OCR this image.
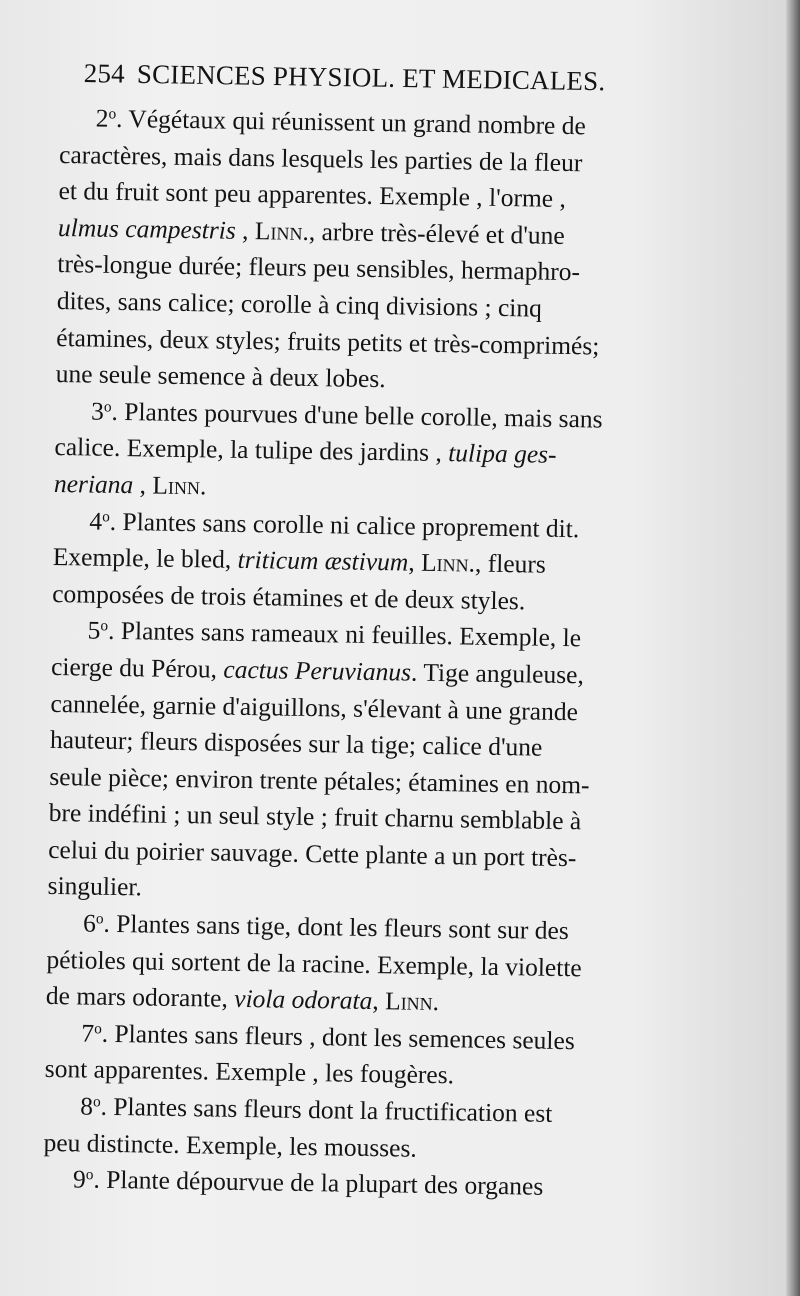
254 SCIENCES PHYSIOL. ET MEDICALES.
2$^o$. Végétaux qui réunissent un grand nombre de
caractères, mais dans lesquels les parties de la fleur
et du fruit sont peu apparentes. Exemple , l'orme ,
ulmus campestris , Linn., arbre très-élevé et d'une
très-longue durée; fleurs peu sensibles, hermaphro-
dites, sans calice; corolle à cinq divisions ; cinq
étamines, deux styles; fruits petits et très-comprimés;
une seule semence à deux lobes.
3$^o$. Plantes pourvues d'une belle corolle, mais sans
calice. Exemple, la tulipe des jardins , tulipa ges-
neriana , Linn.
4$^o$. Plantes sans corolle ni calice proprement dit.
Exemple, le bled, triticum æstivum, Linn., fleurs
composées de trois étamines et de deux styles.
5$^o$. Plantes sans rameaux ni feuilles. Exemple, le
cierge du Pérou, cactus Peruvianus. Tige anguleuse,
cannelée, garnie d'aiguillons, s'élevant à une grande
hauteur; fleurs disposées sur la tige; calice d'une
seule pièce; environ trente pétales; étamines en nom-
bre indéfini ; un seul style ; fruit charnu semblable à
celui du poirier sauvage. Cette plante a un port très-
singulier.
6$^o$. Plantes sans tige, dont les fleurs sont sur des
pétioles qui sortent de la racine. Exemple, la violette
de mars odorante, viola odorata, Linn.
7$^o$. Plantes sans fleurs , dont les semences seules
sont apparentes. Exemple , les fougères.
8$^o$. Plantes sans fleurs dont la fructification est
peu distincte. Exemple, les mousses.
9$^o$. Plante dépourvue de la plupart des organes
